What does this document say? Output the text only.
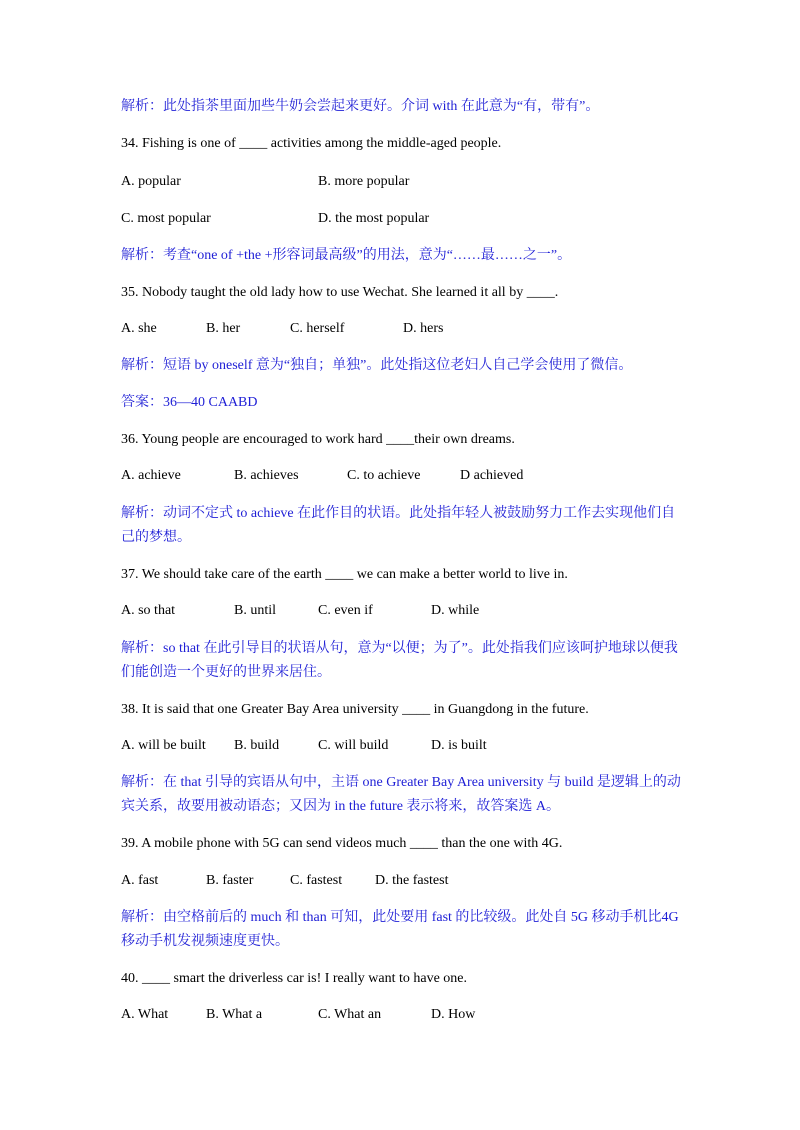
解析：此处指茶里面加些牛奶会尝起来更好。介词 with 在此意为“有，带有”。
34. Fishing is one of ____ activities among the middle-aged people.
A. popular	B. more popular
C. most popular	D. the most popular
解析：考查“one of +the +形容词最高级”的用法，意为“……最……之一”。
35. Nobody taught the old lady how to use Wechat. She learned it all by ____.
A. she	B. her	C. herself	D. hers
解析：短语 by oneself 意为“独自；单独”。此处指这位老妇人自己学会使用了微信。
答案：36—40 CAABD
36. Young people are encouraged to work hard ____their own dreams.
A. achieve	B. achieves	C. to achieve	D achieved
解析：动词不定式 to achieve 在此作目的状语。此处指年轻人被鼓励努力工作去实现他们自己的梦想。
37. We should take care of the earth ____ we can make a better world to live in.
A. so that	B. until	C. even if	D. while
解析：so that 在此引导目的状语从句，意为“以便；为了”。此处指我们应该呵护地球以便我们能创造一个更好的世界来居住。
38. It is said that one Greater Bay Area university ____ in Guangdong in the future.
A. will be built B. build	C. will build	D. is built
解析：在 that 引导的宾语从句中，主语 one Greater Bay Area university 与 build 是逻辑上的动宾关系，故要用被动语态；又因为 in the future 表示将来，故答案选 A。
39. A mobile phone with 5G can send videos much ____ than the one with 4G.
A. fast	B. faster	C. fastest D. the fastest
解析：由空格前后的 much 和 than 可知，此处要用 fast 的比较级。此处自 5G 移动手机比4G 移动手机发视频速度更快。
40. ____ smart the driverless car is! I really want to have one.
A. What	B. What a	C. What an	D. How
